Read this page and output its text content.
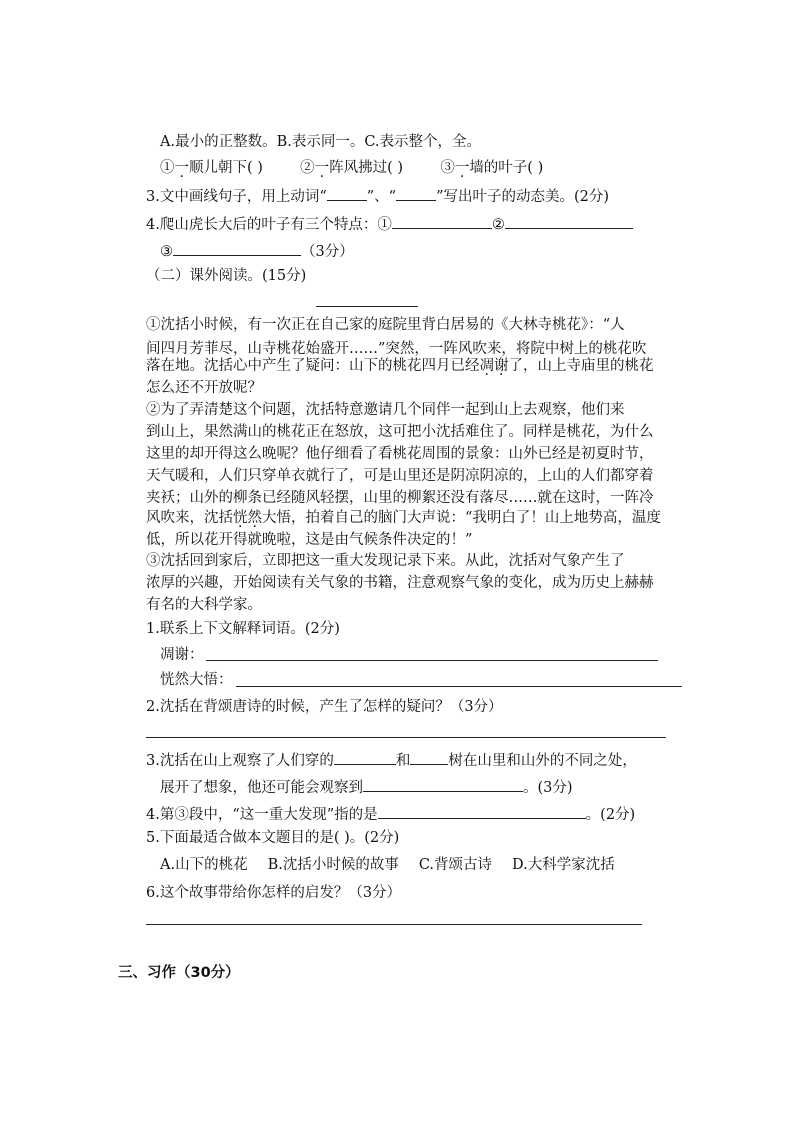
A.最小的正整数。B.表示同一。C.表示整个，全。
①一顺儿朝下( )	②一阵风拂过( )	③一墙的叶子( )
3.文中画线句子，用上动词“	”、“	”写出叶子的动态美。(2分)
4.爬山虎长大后的叶子有三个特点：①	②
③	（3分）
（二）课外阅读。(15分)
①沈括小时候，有一次正在自己家的庭院里背白居易的《大林寺桃花》：“人
间四月芳菲尽，山寺桃花始盛开……”突然，一阵风吹来，将院中树上的桃花吹
落在地。沈括心中产生了疑问：山下的桃花四月已经凋谢了，山上寺庙里的桃花
怎么还不开放呢？
②为了弄清楚这个问题，沈括特意邀请几个同伴一起到山上去观察，他们来
到山上，果然满山的桃花正在怒放，这可把小沈括难住了。同样是桃花，为什么
这里的却开得这么晚呢？他仔细看了看桃花周围的景象：山外已经是初夏时节，
天气暖和，人们只穿单衣就行了，可是山里还是阴凉阴凉的，上山的人们都穿着
夹袄；山外的柳条已经随风轻摆，山里的柳絮还没有落尽……就在这时，一阵冷
风吹来，沈括恍然大悟，拍着自己的脑门大声说：“我明白了！山上地势高，温度
低，所以花开得就晚啦，这是由气候条件决定的！”
③沈括回到家后，立即把这一重大发现记录下来。从此，沈括对气象产生了
浓厚的兴趣，开始阅读有关气象的书籍，注意观察气象的变化，成为历史上赫赫
有名的大科学家。
1.联系上下文解释词语。(2分)
凋谢：
恍然大悟：
2.沈括在背颂唐诗的时候，产生了怎样的疑问？（3分）
3.沈括在山上观察了人们穿的	和	树在山里和山外的不同之处，
展开了想象，他还可能会观察到	。(3分)
4.第③段中，“这一重大发现”指的是	。(2分)
5.下面最适合做本文题目的是( )。(2分)
A.山下的桃花 B.沈括小时候的故事 C.背颂古诗 D.大科学家沈括
6.这个故事带给你怎样的启发？（3分）
三、习作（30分）
